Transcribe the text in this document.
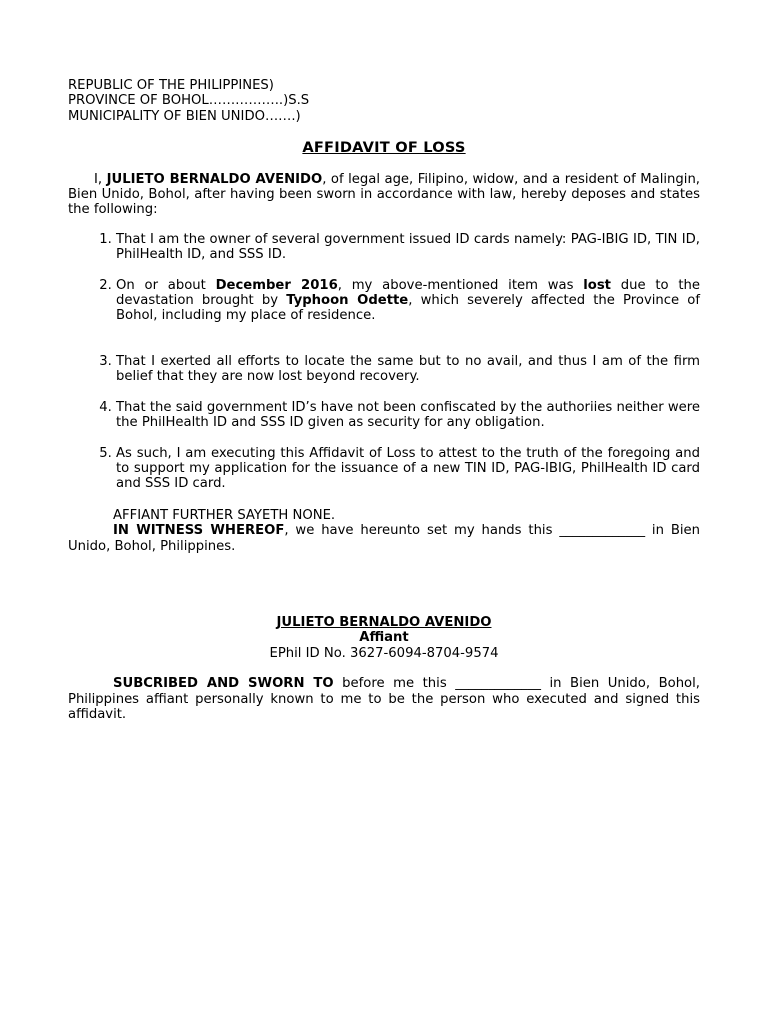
REPUBLIC OF THE PHILIPPINES)
PROVINCE OF BOHOL……………..)S.S
MUNICIPALITY OF BIEN UNIDO…….)
AFFIDAVIT OF LOSS

I, JULIETO BERNALDO AVENIDO, of legal age, Filipino, widow, and a resident of Malingin, Bien Unido, Bohol, after having been sworn in accordance with law, hereby deposes and states the following:

1. That I am the owner of several government issued ID cards namely: PAG-IBIG ID, TIN ID, PhilHealth ID, and SSS ID.
2. On or about December 2016, my above-mentioned item was lost due to the devastation brought by Typhoon Odette, which severely affected the Province of Bohol, including my place of residence.
3. That I exerted all efforts to locate the same but to no avail, and thus I am of the firm belief that they are now lost beyond recovery.
4. That the said government ID’s have not been confiscated by the authoriies neither were the PhilHealth ID and SSS ID given as security for any obligation.
5. As such, I am executing this Affidavit of Loss to attest to the truth of the foregoing and to support my application for the issuance of a new TIN ID, PAG-IBIG, PhilHealth ID card and SSS ID card.

AFFIANT FURTHER SAYETH NONE.

IN WITNESS WHEREOF, we have hereunto set my hands this _____________ in Bien Unido, Bohol, Philippines.

JULIETO BERNALDO AVENIDO
Affiant
EPhil ID No. 3627-6094-8704-9574

SUBCRIBED AND SWORN TO before me this _____________ in Bien Unido, Bohol, Philippines affiant personally known to me to be the person who executed and signed this affidavit.
